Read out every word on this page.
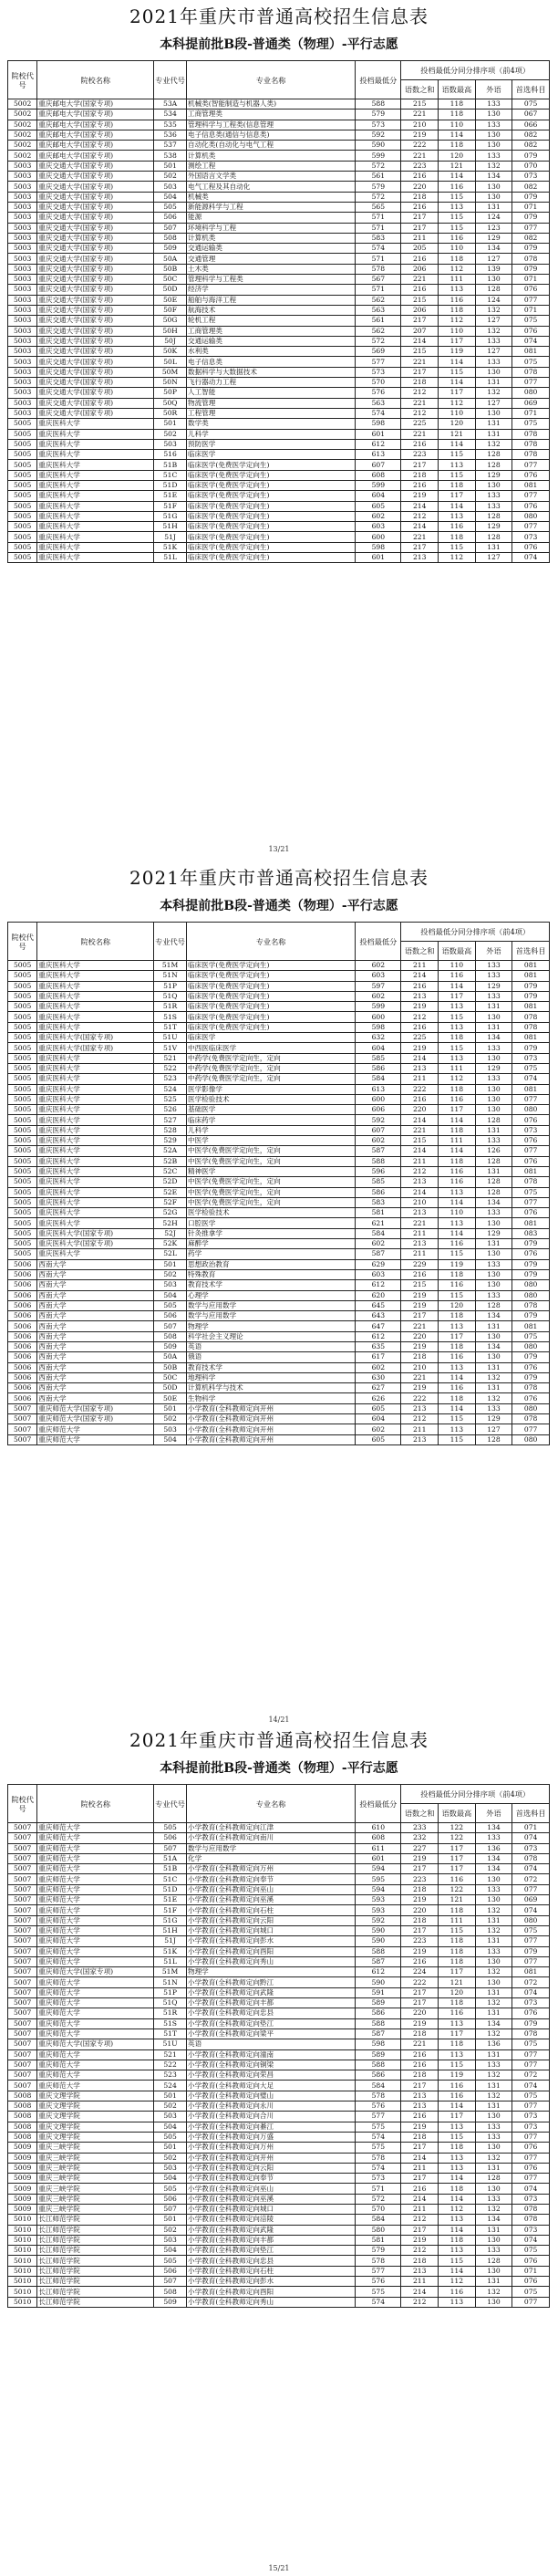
2021年重庆市普通高校招生信息表
本科提前批B段-普通类（物理）-平行志愿
院校代号	院校名称	专业代号	专业名称	投档最低分	投档最低分同分排序项（前4项）			
					语数之和	语数最高	外语	首选科目
5002	重庆邮电大学(国家专项)	53A	机械类(智能制造与机器人类)	588	215	118	133	075
5002	重庆邮电大学(国家专项)	534	工商管理类	579	221	118	130	067
5002	重庆邮电大学(国家专项)	535	管理科学与工程类(信息管理	573	210	110	133	066
5002	重庆邮电大学(国家专项)	536	电子信息类(通信与信息类)	592	219	114	130	082
5002	重庆邮电大学(国家专项)	537	自动化类(自动化与电气工程	590	222	118	130	082
5002	重庆邮电大学(国家专项)	538	计算机类	599	221	120	133	079
5003	重庆交通大学(国家专项)	501	测绘工程	572	223	121	132	070
5003	重庆交通大学(国家专项)	502	外国语言文学类	561	216	114	134	073
5003	重庆交通大学(国家专项)	503	电气工程及其自动化	579	220	116	130	082
5003	重庆交通大学(国家专项)	504	机械类	572	218	115	130	079
5003	重庆交通大学(国家专项)	505	新能源科学与工程	565	216	113	131	071
5003	重庆交通大学(国家专项)	506	能源	571	217	115	124	079
5003	重庆交通大学(国家专项)	507	环境科学与工程	571	217	115	123	077
5003	重庆交通大学(国家专项)	508	计算机类	583	211	116	129	082
5003	重庆交通大学(国家专项)	509	交通运输类	574	205	110	134	079
5003	重庆交通大学(国家专项)	50A	交通管理	571	216	118	127	078
5003	重庆交通大学(国家专项)	50B	土木类	578	206	112	139	079
5003	重庆交通大学(国家专项)	50C	管理科学与工程类	567	221	111	130	071
5003	重庆交通大学(国家专项)	50D	经济学	571	216	113	128	076
5003	重庆交通大学(国家专项)	50E	船舶与海洋工程	562	215	116	124	077
5003	重庆交通大学(国家专项)	50F	航海技术	563	206	118	132	071
5003	重庆交通大学(国家专项)	50G	轮机工程	561	217	112	127	075
5003	重庆交通大学(国家专项)	50H	工商管理类	562	207	110	132	076
5003	重庆交通大学(国家专项)	50J	交通运输类	572	214	117	133	074
5003	重庆交通大学(国家专项)	50K	水利类	569	215	119	127	081
5003	重庆交通大学(国家专项)	50L	电子信息类	577	221	114	133	075
5003	重庆交通大学(国家专项)	50M	数据科学与大数据技术	573	217	115	130	078
5003	重庆交通大学(国家专项)	50N	飞行器动力工程	570	218	114	131	077
5003	重庆交通大学(国家专项)	50P	人工智能	576	212	117	132	080
5003	重庆交通大学(国家专项)	50Q	物流管理	563	221	112	127	069
5003	重庆交通大学(国家专项)	50R	工程管理	574	212	110	130	071
5005	重庆医科大学	501	数学类	598	225	120	131	075
5005	重庆医科大学	502	儿科学	601	221	121	131	078
5005	重庆医科大学	503	预防医学	612	216	114	132	078
5005	重庆医科大学	516	临床医学	613	223	115	128	078
5005	重庆医科大学	51B	临床医学(免费医学定向生)	607	217	113	128	077
5005	重庆医科大学	51C	临床医学(免费医学定向生)	608	218	115	129	076
5005	重庆医科大学	51D	临床医学(免费医学定向生)	599	216	118	130	081
5005	重庆医科大学	51E	临床医学(免费医学定向生)	604	219	117	133	077
5005	重庆医科大学	51F	临床医学(免费医学定向生)	605	214	114	133	076
5005	重庆医科大学	51G	临床医学(免费医学定向生)	602	212	113	128	080
5005	重庆医科大学	51H	临床医学(免费医学定向生)	603	214	116	129	077
5005	重庆医科大学	51J	临床医学(免费医学定向生)	600	221	118	128	073
5005	重庆医科大学	51K	临床医学(免费医学定向生)	598	217	115	131	076
5005	重庆医科大学	51L	临床医学(免费医学定向生)	601	213	112	127	074
13/21
2021年重庆市普通高校招生信息表
本科提前批B段-普通类（物理）-平行志愿
院校代号	院校名称	专业代号	专业名称	投档最低分	投档最低分同分排序项（前4项）			
					语数之和	语数最高	外语	首选科目
5005	重庆医科大学	51M	临床医学(免费医学定向生)	602	211	110	133	081
5005	重庆医科大学	51N	临床医学(免费医学定向生)	603	214	116	133	081
5005	重庆医科大学	51P	临床医学(免费医学定向生)	597	216	114	129	079
5005	重庆医科大学	51Q	临床医学(免费医学定向生)	602	213	117	133	079
5005	重庆医科大学	51R	临床医学(免费医学定向生)	599	219	113	131	081
5005	重庆医科大学	51S	临床医学(免费医学定向生)	600	212	115	130	078
5005	重庆医科大学	51T	临床医学(免费医学定向生)	598	216	113	131	078
5005	重庆医科大学(国家专项)	51U	临床医学	632	225	118	134	081
5005	重庆医科大学(国家专项)	51V	中西医临床医学	604	219	115	133	079
5005	重庆医科大学	521	中药学(免费医学定向生，定向	585	214	113	130	073
5005	重庆医科大学	522	中药学(免费医学定向生，定向	586	213	111	129	075
5005	重庆医科大学	523	中药学(免费医学定向生，定向	584	211	112	133	074
5005	重庆医科大学	524	医学影像学	613	222	118	130	081
5005	重庆医科大学	525	医学检验技术	600	216	116	130	077
5005	重庆医科大学	526	基础医学	606	220	117	130	080
5005	重庆医科大学	527	临床药学	592	214	114	128	076
5005	重庆医科大学	528	儿科学	607	221	118	131	073
5005	重庆医科大学	529	中医学	602	215	111	133	076
5005	重庆医科大学	52A	中医学(免费医学定向生，定向	587	214	114	126	077
5005	重庆医科大学	52B	中医学(免费医学定向生，定向	588	211	118	128	076
5005	重庆医科大学	52C	精神医学	596	212	116	131	081
5005	重庆医科大学	52D	中医学(免费医学定向生，定向	585	213	116	128	078
5005	重庆医科大学	52E	中医学(免费医学定向生，定向	586	214	113	128	075
5005	重庆医科大学	52F	中医学(免费医学定向生，定向	583	210	114	134	077
5005	重庆医科大学	52G	医学检验技术	581	213	110	133	076
5005	重庆医科大学	52H	口腔医学	621	221	113	130	081
5005	重庆医科大学(国家专项)	52J	针灸推拿学	584	211	114	129	083
5005	重庆医科大学(国家专项)	52K	麻醉学	602	213	116	131	079
5005	重庆医科大学	52L	药学	587	211	115	130	076
5006	西南大学	501	思想政治教育	629	229	119	133	079
5006	西南大学	502	特殊教育	603	216	118	130	079
5006	西南大学	503	教育技术学	612	215	116	130	080
5006	西南大学	504	心理学	620	219	115	133	080
5006	西南大学	505	数学与应用数学	645	219	120	128	078
5006	西南大学	506	数学与应用数学	643	217	118	134	079
5006	西南大学	507	物理学	647	221	113	131	081
5006	西南大学	508	科学社会主义理论	612	220	117	130	075
5006	西南大学	509	英语	635	219	118	134	080
5006	西南大学	50A	俄语	617	218	116	130	079
5006	西南大学	50B	教育技术学	602	210	113	131	076
5006	西南大学	50C	地理科学	630	221	114	132	079
5006	西南大学	50D	计算机科学与技术	627	219	116	131	078
5006	西南大学	50E	生物科学	626	222	118	132	076
5007	重庆师范大学(国家专项)	501	小学教育(全科教师定向开州	605	213	114	133	080
5007	重庆师范大学(国家专项)	502	小学教育(全科教师定向开州	604	212	115	129	078
5007	重庆师范大学	503	小学教育(全科教师定向开州	602	211	113	127	077
5007	重庆师范大学	504	小学教育(全科教师定向开州	605	213	115	128	080
14/21
2021年重庆市普通高校招生信息表
本科提前批B段-普通类（物理）-平行志愿
院校代号	院校名称	专业代号	专业名称	投档最低分	投档最低分同分排序项（前4项）			
					语数之和	语数最高	外语	首选科目
5007	重庆师范大学	505	小学教育(全科教师定向江津	610	233	122	134	071
5007	重庆师范大学	506	小学教育(全科教师定向南川	608	232	122	133	074
5007	重庆师范大学	507	数学与应用数学	611	227	117	136	073
5007	重庆师范大学	51A	化学	601	219	117	134	078
5007	重庆师范大学	51B	小学教育(全科教师定向万州	594	217	117	134	074
5007	重庆师范大学	51C	小学教育(全科教师定向奉节	595	223	116	130	072
5007	重庆师范大学	51D	小学教育(全科教师定向巫山	594	218	122	133	077
5007	重庆师范大学	51E	小学教育(全科教师定向巫溪	593	219	121	130	069
5007	重庆师范大学	51F	小学教育(全科教师定向石柱	593	220	118	132	074
5007	重庆师范大学	51G	小学教育(全科教师定向云阳	592	218	111	131	080
5007	重庆师范大学	51H	小学教育(全科教师定向城口	590	217	115	132	075
5007	重庆师范大学	51J	小学教育(全科教师定向彭水	590	223	118	131	077
5007	重庆师范大学	51K	小学教育(全科教师定向酉阳	588	219	118	133	079
5007	重庆师范大学	51L	小学教育(全科教师定向秀山	587	216	118	130	077
5007	重庆师范大学(国家专项)	51M	物理学	612	224	117	132	081
5007	重庆师范大学	51N	小学教育(全科教师定向黔江	590	222	121	130	072
5007	重庆师范大学	51P	小学教育(全科教师定向武隆	591	217	120	131	074
5007	重庆师范大学	51Q	小学教育(全科教师定向丰都	589	217	118	132	073
5007	重庆师范大学	51R	小学教育(全科教师定向忠县	586	220	116	131	076
5007	重庆师范大学	51S	小学教育(全科教师定向垫江	588	219	113	134	079
5007	重庆师范大学	51T	小学教育(全科教师定向梁平	587	218	117	132	078
5007	重庆师范大学(国家专项)	51U	英语	598	221	118	136	075
5007	重庆师范大学	521	小学教育(全科教师定向潼南	589	216	113	131	077
5007	重庆师范大学	522	小学教育(全科教师定向铜梁	588	216	115	133	077
5007	重庆师范大学	523	小学教育(全科教师定向荣昌	586	218	119	132	072
5007	重庆师范大学	524	小学教育(全科教师定向大足	584	217	116	131	074
5008	重庆文理学院	501	小学教育(全科教师定向璧山	578	213	116	132	075
5008	重庆文理学院	502	小学教育(全科教师定向永川	576	213	114	131	077
5008	重庆文理学院	503	小学教育(全科教师定向合川	577	216	117	130	073
5008	重庆文理学院	504	小学教育(全科教师定向綦江	575	219	113	133	073
5008	重庆文理学院	505	小学教育(全科教师定向万盛	574	218	115	133	077
5009	重庆三峡学院	501	小学教育(全科教师定向万州	575	217	118	130	076
5009	重庆三峡学院	502	小学教育(全科教师定向开州	578	214	113	132	077
5009	重庆三峡学院	503	小学教育(全科教师定向云阳	574	211	113	131	076
5009	重庆三峡学院	504	小学教育(全科教师定向奉节	573	217	114	128	077
5009	重庆三峡学院	505	小学教育(全科教师定向巫山	571	216	118	130	074
5009	重庆三峡学院	506	小学教育(全科教师定向巫溪	572	214	114	133	073
5009	重庆三峡学院	507	小学教育(全科教师定向城口	570	211	112	132	078
5010	长江师范学院	501	小学教育(全科教师定向涪陵	584	212	113	134	078
5010	长江师范学院	502	小学教育(全科教师定向武隆	580	217	114	131	073
5010	长江师范学院	503	小学教育(全科教师定向丰都	581	219	118	130	074
5010	长江师范学院	504	小学教育(全科教师定向垫江	579	212	113	133	075
5010	长江师范学院	505	小学教育(全科教师定向忠县	578	218	115	128	076
5010	长江师范学院	506	小学教育(全科教师定向石柱	577	213	114	130	071
5010	长江师范学院	507	小学教育(全科教师定向彭水	576	211	112	131	076
5010	长江师范学院	508	小学教育(全科教师定向酉阳	575	214	116	132	075
5010	长江师范学院	509	小学教育(全科教师定向秀山	574	212	113	130	077
15/21
